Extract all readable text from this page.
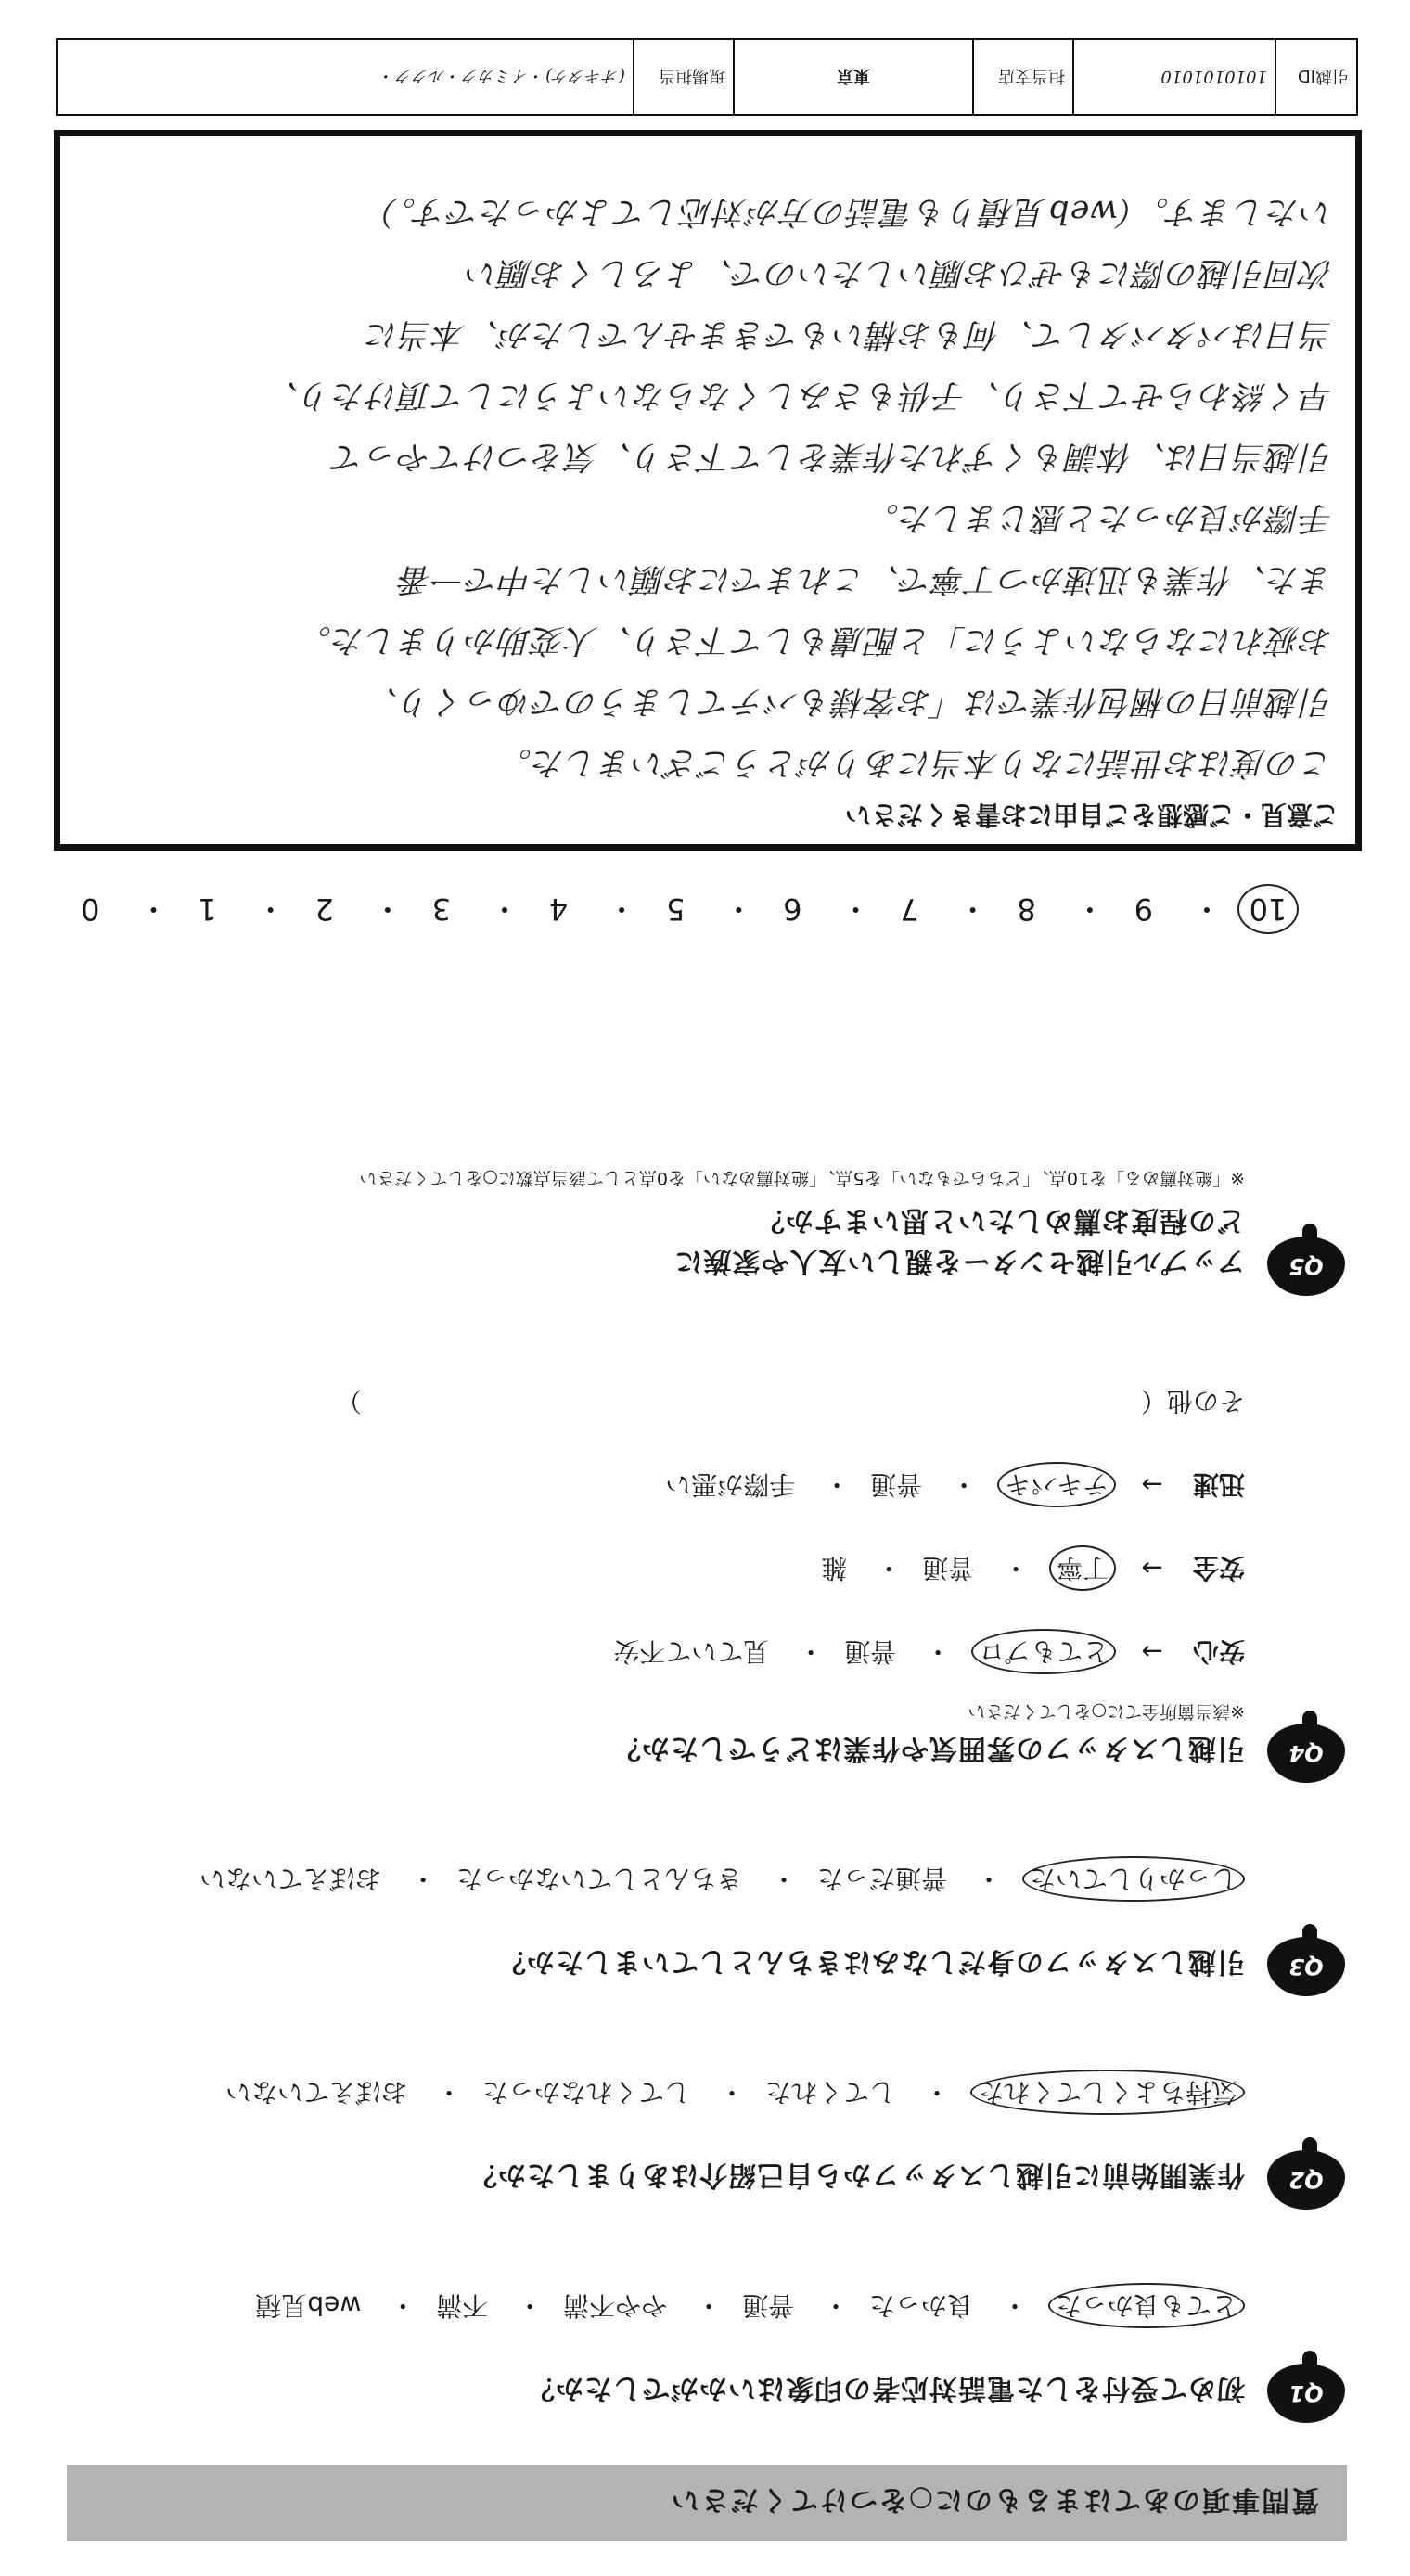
質問事項のあてはまるものに○をつけてください
Q1
初めて受付をした電話対応者の印象はいかがでしたか？
とても良かった・ 良かった・ 普通・ やや不満・ 不満・ web見積
Q2
作業開始前に引越しスタッフから自己紹介はありましたか？
気持ちよくしてくれた・ してくれた・ してくれなかった・ おぼえていない
Q3
引越しスタッフの身だしなみはきちんとしていましたか？
しっかりしていた・ 普通だった・ きちんとしていなかった・ おぼえていない
Q4
引越しスタッフの雰囲気や作業はどうでしたか？
※該当箇所全てに○をしてください
安心→ とてもプロ・ 普通・ 見ていて不安
安全→ 丁寧・ 普通・ 雑
迅速→ テキパキ・ 普通・ 手際が悪い
その他（　　　　　　　　　　　　　　　　　　　　　　　　　　　　　　）
Q5
アップル引越センターを親しい友人や家族に
どの程度お薦めしたいと思いますか？
※「絶対薦める」を10点、「どちらでもない」を5点、「絶対薦めない」を0点として該当点数に○をしてください
10・ 9・ 8・ 7・ 6・ 5・ 4・ 3・ 2・ 1・ 0
ご意見・ご感想をご自由にお書きください
この度はお世話になり本当にありがとうございました。
引越前日の梱包作業では「お客様もバテてしまうのでゆっくり、
お疲れにならないように」と配慮もして下さり、大変助かりました。
また、作業も迅速かつ丁寧で、これまでにお願いした中で一番
手際が良かったと感じました。
引越当日は、体調もくずれた作業をして下さり、気をつけてやって
早く終わらせて下さり、子供もさみしくならないようにして頂けたり、
当日はパタバタして、何もお構いもできませんでしたが、本当に
次回引越の際にもぜひお願いしたいので、よろしくお願い
いたします。（web見積りも電話の方が対応してよかったです。）
引越ID	1010101010	担当支店	東京	現場担当	(オキタケ)・イミカク・ルクク・
